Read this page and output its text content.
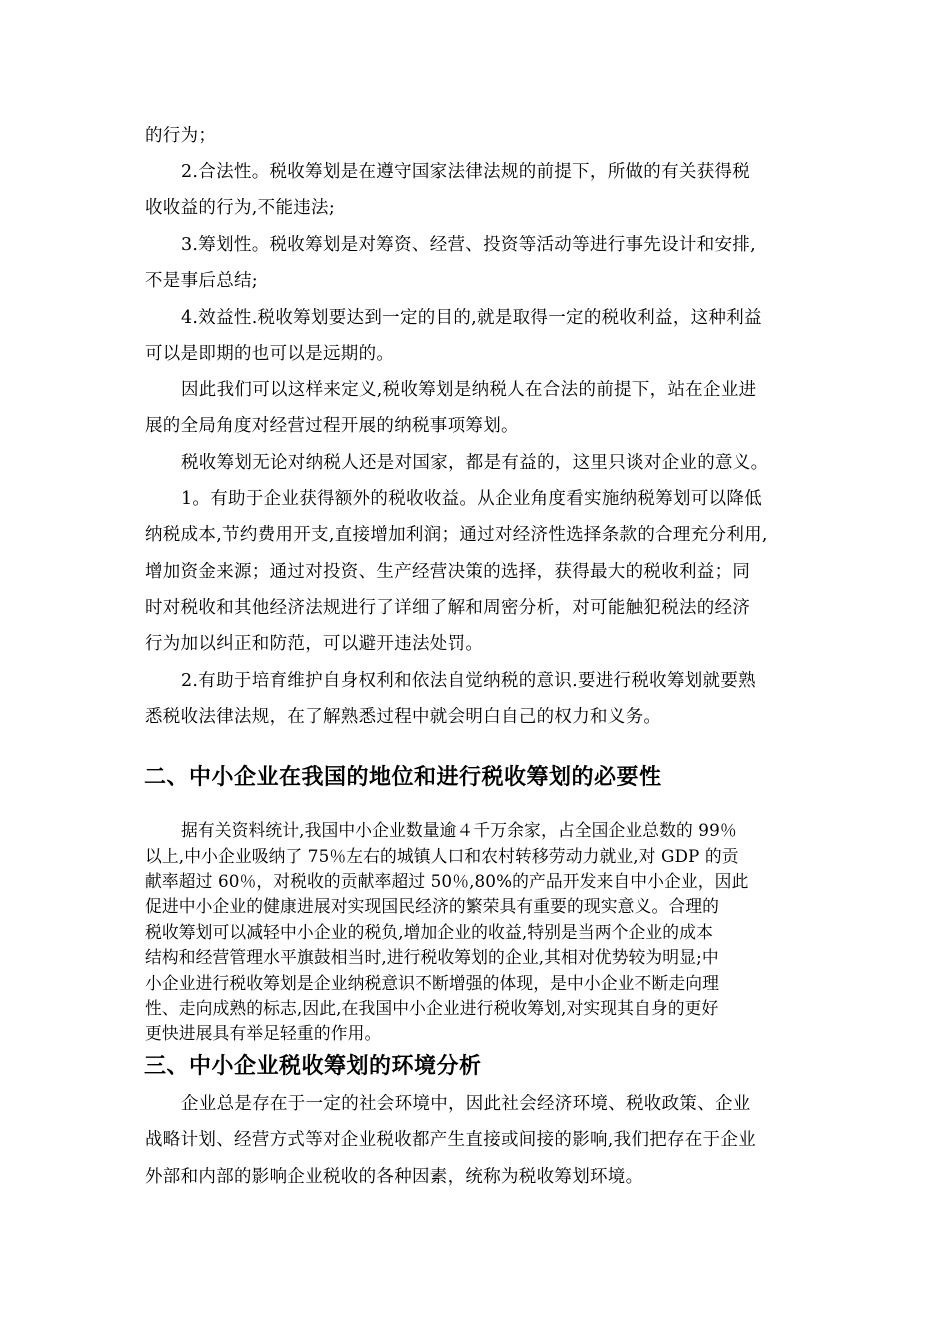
的行为；
2.合法性。税收筹划是在遵守国家法律法规的前提下，所做的有关获得税
收收益的行为,不能违法;
3.筹划性。税收筹划是对筹资、经营、投资等活动等进行事先设计和安排,
不是事后总结;
4.效益性.税收筹划要达到一定的目的,就是取得一定的税收利益，这种利益
可以是即期的也可以是远期的。
因此我们可以这样来定义,税收筹划是纳税人在合法的前提下，站在企业进
展的全局角度对经营过程开展的纳税事项筹划。
税收筹划无论对纳税人还是对国家，都是有益的，这里只谈对企业的意义。
1。有助于企业获得额外的税收收益。从企业角度看实施纳税筹划可以降低
纳税成本,节约费用开支,直接增加利润；通过对经济性选择条款的合理充分利用,
增加资金来源；通过对投资、生产经营决策的选择，获得最大的税收利益；同
时对税收和其他经济法规进行了详细了解和周密分析，对可能触犯税法的经济
行为加以纠正和防范，可以避开违法处罚。
2.有助于培育维护自身权利和依法自觉纳税的意识.要进行税收筹划就要熟
悉税收法律法规，在了解熟悉过程中就会明白自己的权力和义务。
二、中小企业在我国的地位和进行税收筹划的必要性
据有关资料统计,我国中小企业数量逾４千万余家，占全国企业总数的 99％
以上,中小企业吸纳了 75％左右的城镇人口和农村转移劳动力就业,对 GDP 的贡
献率超过 60％，对税收的贡献率超过 50％,80%的产品开发来自中小企业，因此
促进中小企业的健康进展对实现国民经济的繁荣具有重要的现实意义。合理的
税收筹划可以减轻中小企业的税负,增加企业的收益,特别是当两个企业的成本
结构和经营管理水平旗鼓相当时,进行税收筹划的企业,其相对优势较为明显;中
小企业进行税收筹划是企业纳税意识不断增强的体现，是中小企业不断走向理
性、走向成熟的标志,因此,在我国中小企业进行税收筹划,对实现其自身的更好
更快进展具有举足轻重的作用。
三、中小企业税收筹划的环境分析
企业总是存在于一定的社会环境中，因此社会经济环境、税收政策、企业
战略计划、经营方式等对企业税收都产生直接或间接的影响,我们把存在于企业
外部和内部的影响企业税收的各种因素，统称为税收筹划环境。
